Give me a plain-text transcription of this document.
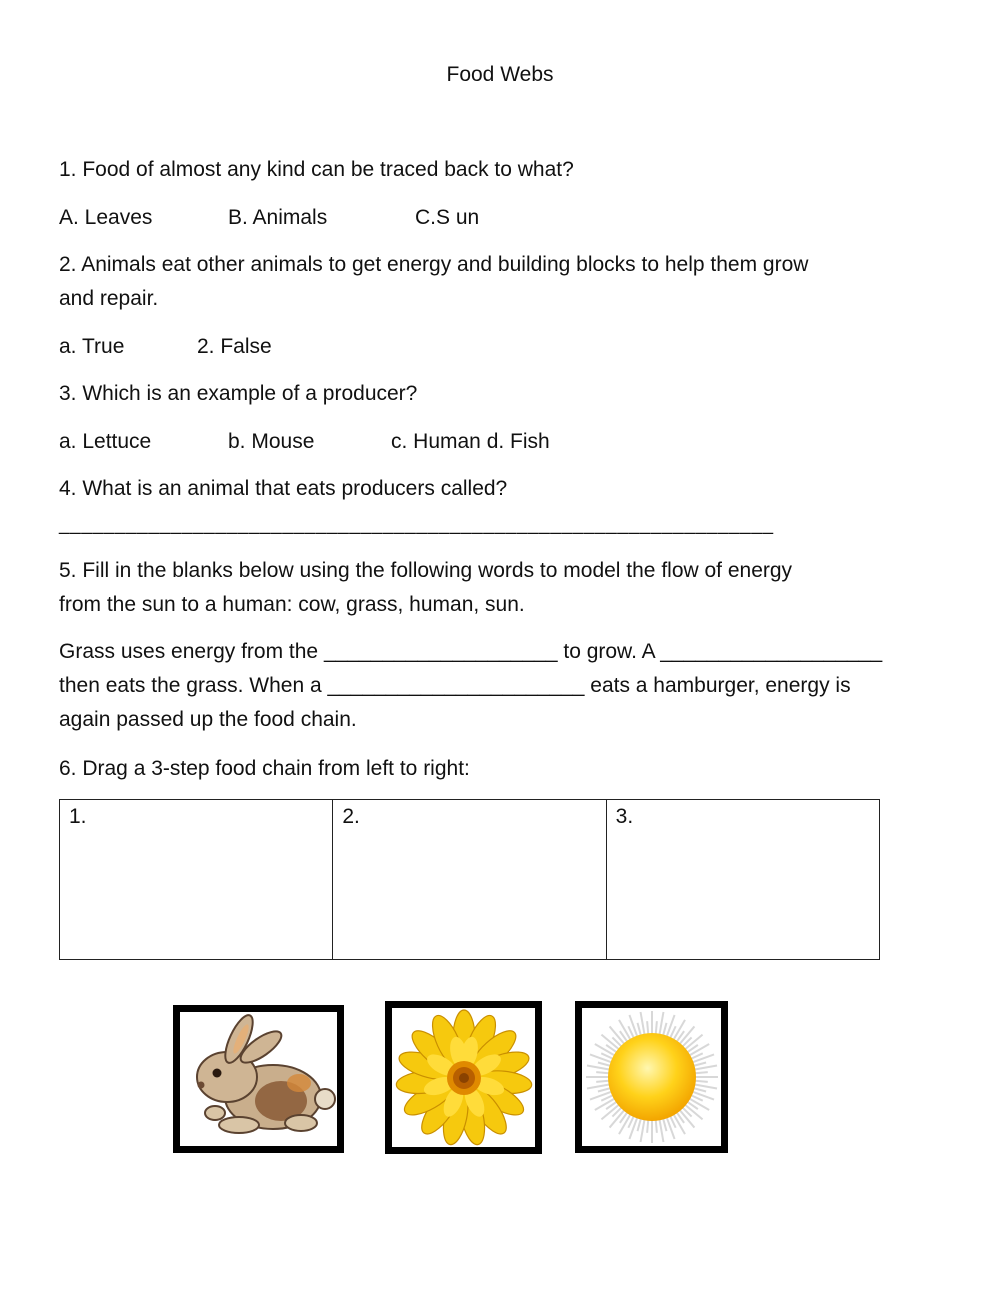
Food Webs
1. Food of almost any kind can be traced back to what?
A. Leaves	B. Animals	C.S un
2. Animals eat other animals to get energy and building blocks to help them grow
and repair.
a. True	2. False
3. Which is an example of a producer?
a. Lettuce	b. Mouse	c. Human d. Fish
4. What is an animal that eats producers called?
________________________________________________________________
5. Fill in the blanks below using the following words to model the flow of energy
from the sun to a human: cow, grass, human, sun.
Grass uses energy from the ____________________ to grow. A ___________________
then eats the grass. When a ______________________ eats a hamburger, energy is
again passed up the food chain.
6. Drag a 3-step food chain from left to right:
1.	2.	3.
